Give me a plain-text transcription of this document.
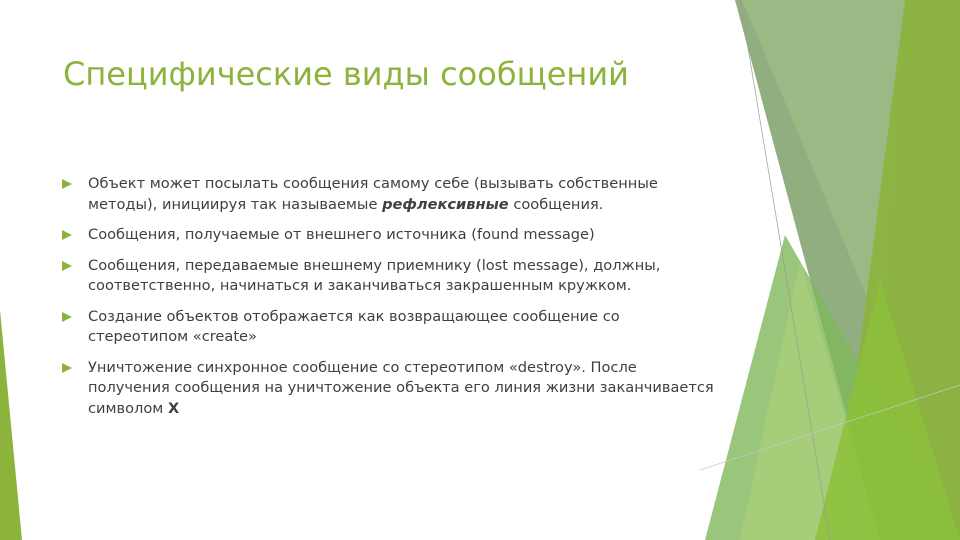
Специфические виды сообщений
Объект может посылать сообщения самому себе (вызывать собственные методы), инициируя так называемые рефлексивные сообщения.
Сообщения, получаемые от внешнего источника (found message)
Сообщения, передаваемые внешнему приемнику (lost message), должны, соответственно, начинаться и заканчиваться закрашенным кружком.
Создание объектов отображается как возвращающее сообщение со стереотипом «create»
Уничтожение синхронное сообщение со стереотипом «destroy». После получения сообщения на уничтожение объекта его линия жизни заканчивается символом X
